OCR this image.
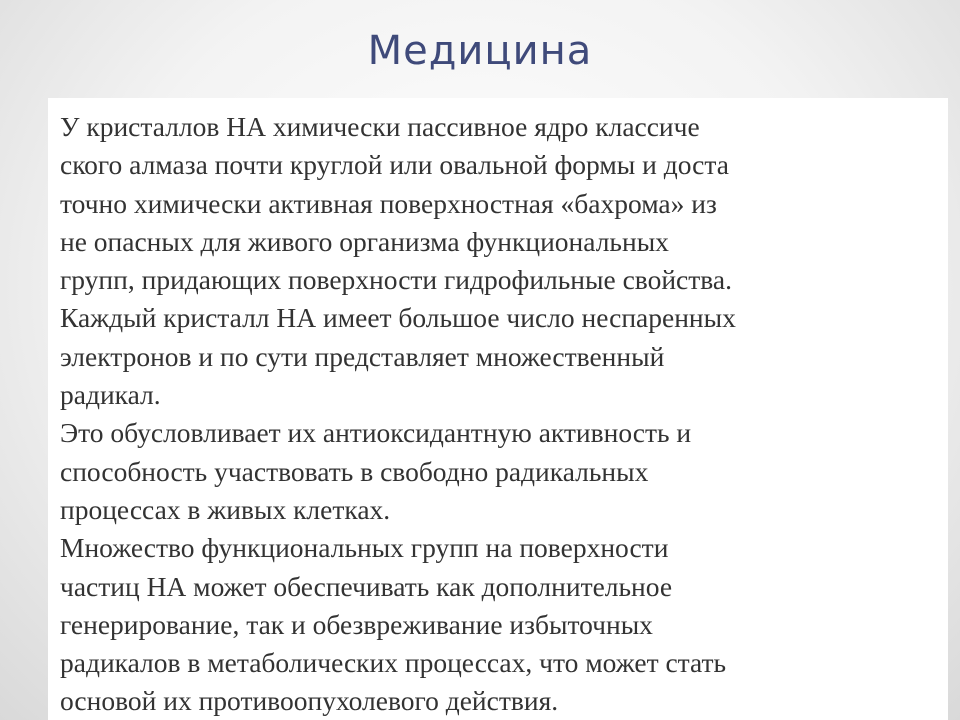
Медицина

У кристаллов НА химически пассивное ядро классиче
ского алмаза почти круглой или овальной формы и доста
точно химически активная поверхностная «бахрома» из
не опасных для живого организма функциональных
групп, придающих поверхности гидрофильные свойства.

Каждый кристалл НА имеет большое число неспаренных
электронов и по сути представляет множественный
радикал.

Это обусловливает их антиоксидантную активность и
способность участвовать в свободно радикальных
процессах в живых клетках.

Множество функциональных групп на поверхности
частиц НА может обеспечивать как дополнительное
генерирование, так и обезвреживание избыточных
радикалов в метаболических процессах, что может стать
основой их противоопухолевого действия.
